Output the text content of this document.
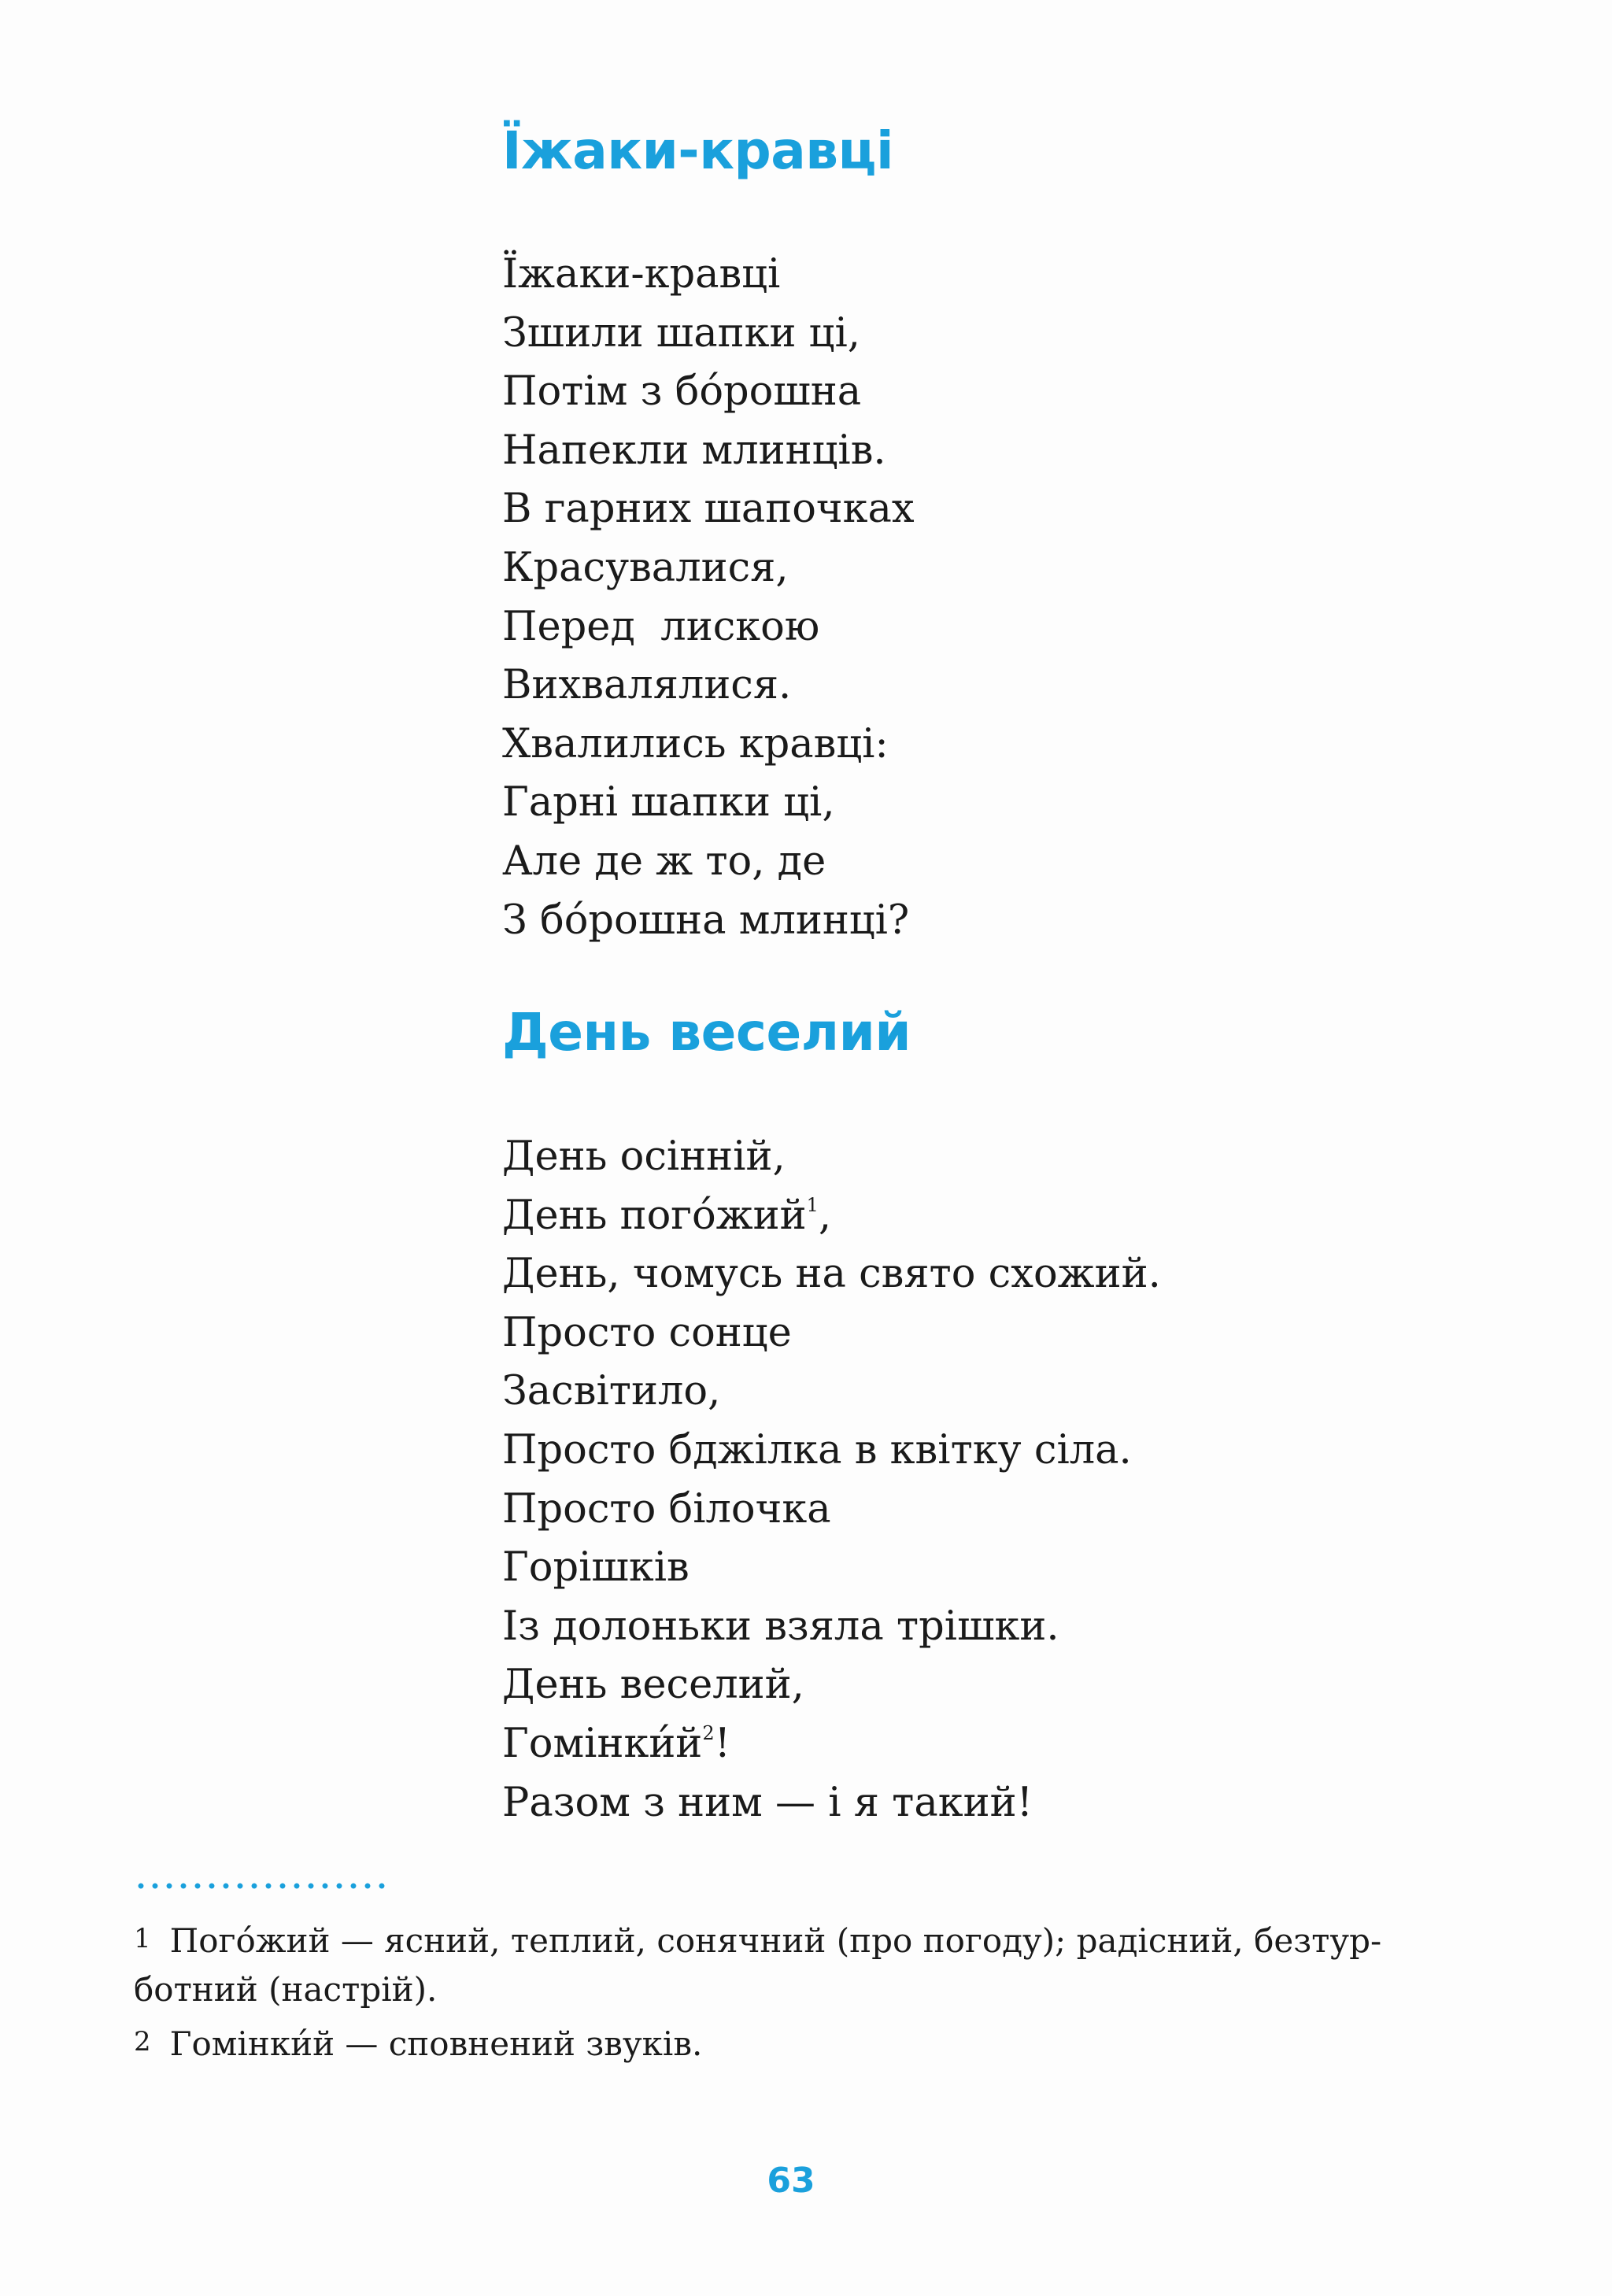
Їжаки-кравці
Їжаки-кравці
Зшили шапки ці,
Потім з бо́рошна
Напекли млинців.
В гарних шапочках
Красувалися,
Перед  лискою
Вихвалялися.
Хвалились кравці:
Гарні шапки ці,
Але де ж то, де
З бо́рошна млинці?
День веселий
День осінній,
День пого́жий$^1$,
День, чомусь на свято схожий.
Просто сонце
Засвітило,
Просто бджілка в квітку сіла.
Просто білочка
Горішків
Із долоньки взяла трішки.
День веселий,
$Гомінки́й^2$!
Разом з ним — і я такий!

1 Пого́жий — ясний, теплий, сонячний (про погоду); радісний, безтур-ботний (настрій).

2 Гомінки́й — сповнений звуків.

63
